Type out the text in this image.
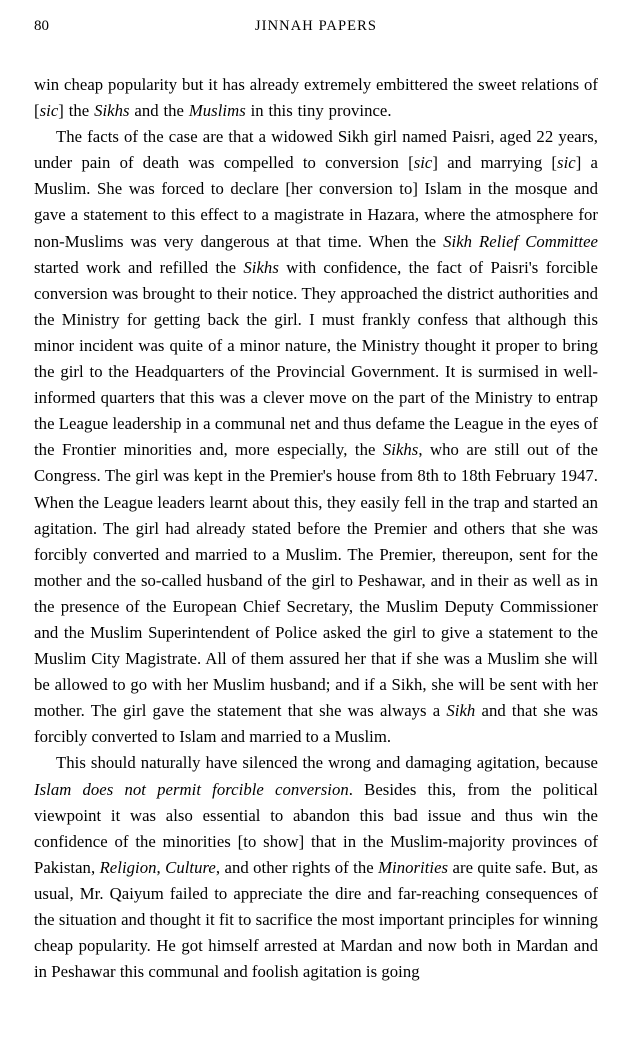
80	JINNAH PAPERS

win cheap popularity but it has already extremely embittered the sweet relations of [sic] the Sikhs and the Muslims in this tiny province.

The facts of the case are that a widowed Sikh girl named Paisri, aged 22 years, under pain of death was compelled to conversion [sic] and marrying [sic] a Muslim. She was forced to declare [her conversion to] Islam in the mosque and gave a statement to this effect to a magistrate in Hazara, where the atmosphere for non-Muslims was very dangerous at that time. When the Sikh Relief Committee started work and refilled the Sikhs with confidence, the fact of Paisri's forcible conversion was brought to their notice. They approached the district authorities and the Ministry for getting back the girl. I must frankly confess that although this minor incident was quite of a minor nature, the Ministry thought it proper to bring the girl to the Headquarters of the Provincial Government. It is surmised in well-informed quarters that this was a clever move on the part of the Ministry to entrap the League leadership in a communal net and thus defame the League in the eyes of the Frontier minorities and, more especially, the Sikhs, who are still out of the Congress. The girl was kept in the Premier's house from 8th to 18th February 1947. When the League leaders learnt about this, they easily fell in the trap and started an agitation. The girl had already stated before the Premier and others that she was forcibly converted and married to a Muslim. The Premier, thereupon, sent for the mother and the so-called husband of the girl to Peshawar, and in their as well as in the presence of the European Chief Secretary, the Muslim Deputy Commissioner and the Muslim Superintendent of Police asked the girl to give a statement to the Muslim City Magistrate. All of them assured her that if she was a Muslim she will be allowed to go with her Muslim husband; and if a Sikh, she will be sent with her mother. The girl gave the statement that she was always a Sikh and that she was forcibly converted to Islam and married to a Muslim.

This should naturally have silenced the wrong and damaging agitation, because Islam does not permit forcible conversion. Besides this, from the political viewpoint it was also essential to abandon this bad issue and thus win the confidence of the minorities [to show] that in the Muslim-majority provinces of Pakistan, Religion, Culture, and other rights of the Minorities are quite safe. But, as usual, Mr. Qaiyum failed to appreciate the dire and far-reaching consequences of the situation and thought it fit to sacrifice the most important principles for winning cheap popularity. He got himself arrested at Mardan and now both in Mardan and in Peshawar this communal and foolish agitation is going
